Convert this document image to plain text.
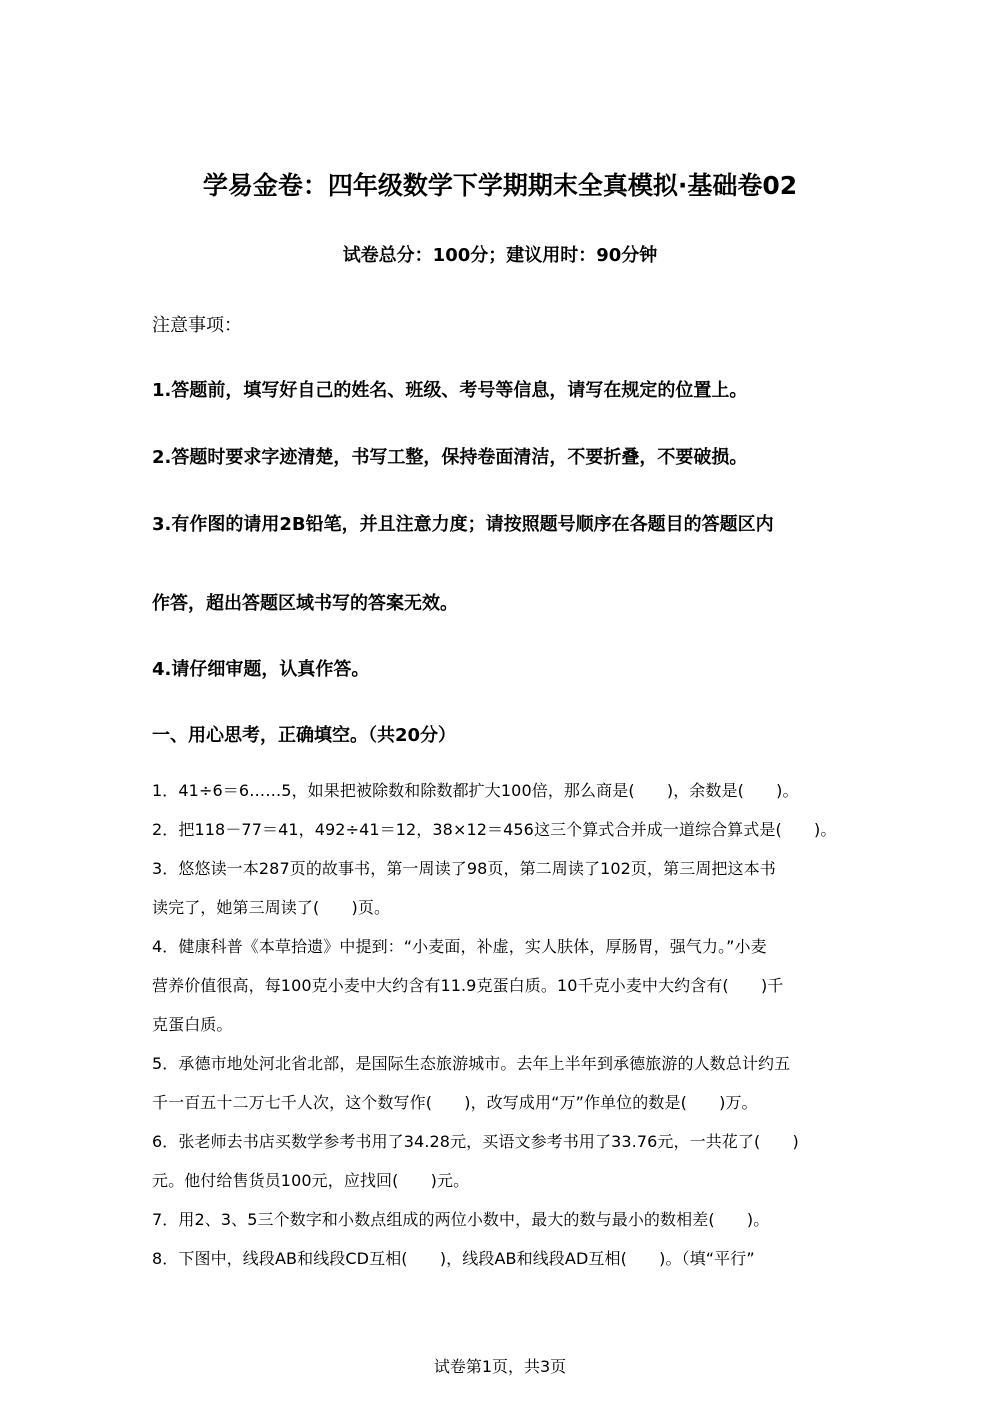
学易金卷：四年级数学下学期期末全真模拟·基础卷02
试卷总分：100分；建议用时：90分钟
注意事项：
1.答题前，填写好自己的姓名、班级、考号等信息，请写在规定的位置上。
2.答题时要求字迹清楚，书写工整，保持卷面清洁，不要折叠，不要破损。
3.有作图的请用2B铅笔，并且注意力度；请按照题号顺序在各题目的答题区内
作答，超出答题区域书写的答案无效。
4.请仔细审题，认真作答。
一、用心思考，正确填空。（共20分）
1．41÷6＝6……5，如果把被除数和除数都扩大100倍，那么商是(　　)，余数是(　　)。
2．把118－77＝41，492÷41＝12，38×12＝456这三个算式合并成一道综合算式是(　　)。
3．悠悠读一本287页的故事书，第一周读了98页，第二周读了102页，第三周把这本书
读完了，她第三周读了(　　)页。
4．健康科普《本草拾遗》中提到：“小麦面，补虚，实人肤体，厚肠胃，强气力。”小麦
营养价值很高，每100克小麦中大约含有11.9克蛋白质。10千克小麦中大约含有(　　)千
克蛋白质。
5．承德市地处河北省北部，是国际生态旅游城市。去年上半年到承德旅游的人数总计约五
千一百五十二万七千人次，这个数写作(　　)，改写成用“万”作单位的数是(　　)万。
6．张老师去书店买数学参考书用了34.28元，买语文参考书用了33.76元，一共花了(　　)
元。他付给售货员100元，应找回(　　)元。
7．用2、3、5三个数字和小数点组成的两位小数中，最大的数与最小的数相差(　　)。
8．下图中，线段AB和线段CD互相(　　)，线段AB和线段AD互相(　　)。（填“平行”
试卷第1页，共3页
